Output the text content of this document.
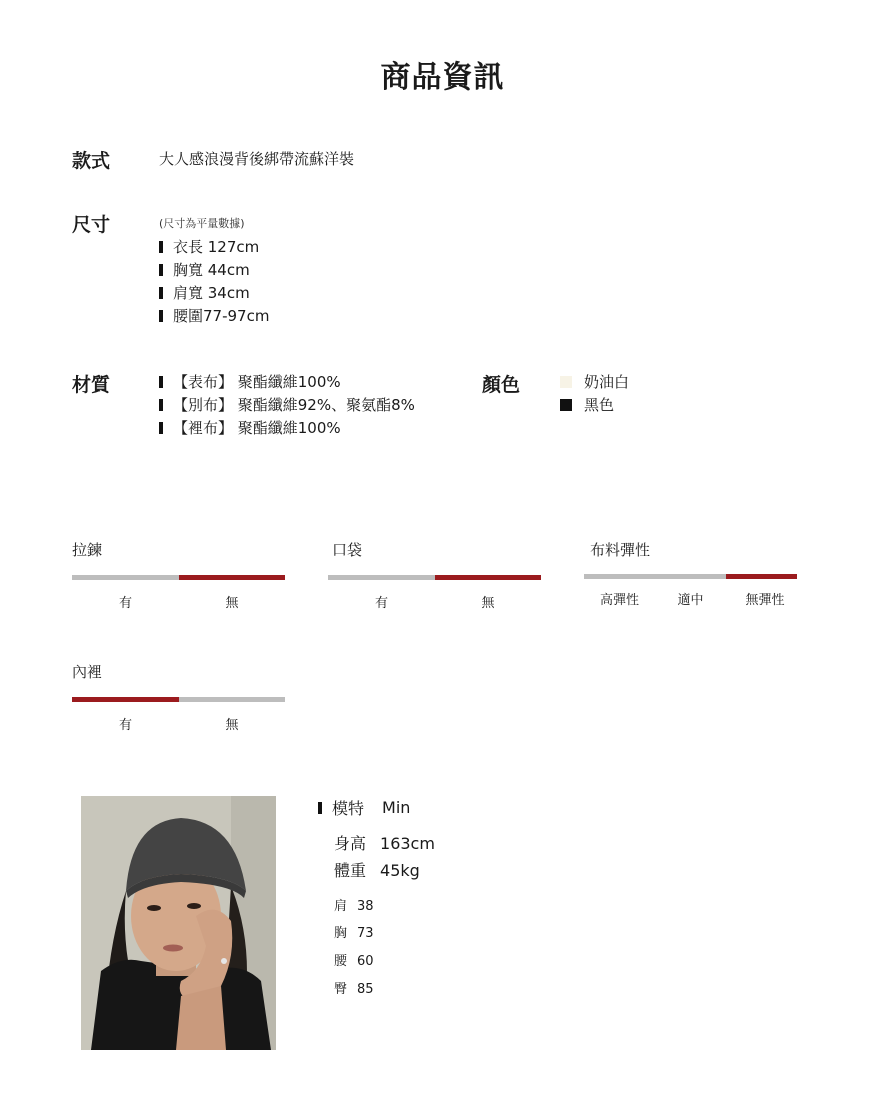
商品資訊
款式	大人感浪漫背後綁帶流蘇洋裝
尺寸	(尺寸為平量數據)
衣長 127cm
胸寬 44cm
肩寬 34cm
腰圍77-97cm
材質	【表布】 聚酯纖維100%
【別布】 聚酯纖維92%、聚氨酯8%
【裡布】 聚酯纖維100%
顏色	奶油白
黑色
拉鍊
有	無
口袋
有	無
布料彈性
高彈性	適中	無彈性
內裡
有	無
模特 Min
身高 163cm
體重 45kg
肩 38
胸 73
腰 60
臀 85
